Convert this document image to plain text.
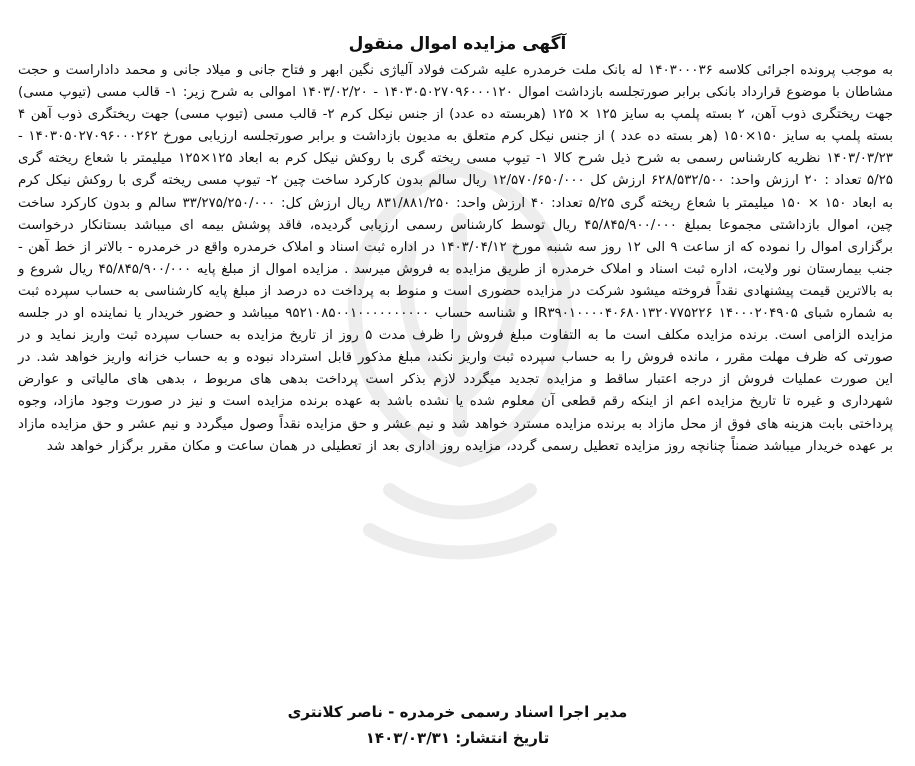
آگهی مزایده اموال منقول
به موجب پرونده اجرائی کلاسه ۱۴۰۳۰۰۰۳۶ له بانک ملت خرمدره علیه شرکت فولاد آلیاژی نگین ابهر و فتاح جانی و میلاد جانی و محمد داداراست و حجت مشاطان با موضوع قرارداد بانکی برابر صورتجلسه بازداشت اموال ۱۴۰۳۰۵۰۲۷۰۹۶۰۰۰۱۲۰ - ۱۴۰۳/۰۲/۲۰ اموالی به شرح زیر: ۱- قالب مسی (تیوپ مسی) جهت ریختگری ذوب آهن، ۲ بسته پلمپ به سایز ۱۲۵ × ۱۲۵ (هربسته ده عدد) از جنس نیکل کرم ۲- قالب مسی (تیوپ مسی) جهت ریختگری ذوب آهن ۴ بسته پلمپ به سایز ۱۵۰×۱۵۰ (هر بسته ده عدد ) از جنس نیکل کرم متعلق به مدیون بازداشت و برابر صورتجلسه ارزیابی مورخ ۱۴۰۳۰۵۰۲۷۰۹۶۰۰۰۲۶۲ - ۱۴۰۳/۰۳/۲۳ نظریه کارشناس رسمی به شرح ذیل شرح کالا ۱- تیوپ مسی ریخته گری با روکش نیکل کرم به ابعاد ۱۲۵×۱۲۵ میلیمتر با شعاع ریخته گری ۵/۲۵ تعداد : ۲۰ ارزش واحد: ۶۲۸/۵۳۲/۵۰۰ ارزش کل ۱۲/۵۷۰/۶۵۰/۰۰۰ ریال سالم بدون کارکرد ساخت چین ۲- تیوپ مسی ریخته گری با روکش نیکل کرم به ابعاد ۱۵۰ × ۱۵۰ میلیمتر با شعاع ریخته گری ۵/۲۵ تعداد: ۴۰ ارزش واحد: ۸۳۱/۸۸۱/۲۵۰ ریال ارزش کل: ۳۳/۲۷۵/۲۵۰/۰۰۰ سالم و بدون کارکرد ساخت چین، اموال بازداشتی مجموعا بمبلغ ۴۵/۸۴۵/۹۰۰/۰۰۰ ریال توسط کارشناس رسمی ارزیابی گردیده، فاقد پوشش بیمه ای میباشد بستانکار درخواست برگزاری اموال را نموده که از ساعت ۹ الی ۱۲ روز سه شنبه مورخ ۱۴۰۳/۰۴/۱۲ در اداره ثبت اسناد و املاک خرمدره واقع در خرمدره - بالاتر از خط آهن - جنب بیمارستان نور ولایت، اداره ثبت اسناد و املاک خرمدره از طریق مزایده به فروش میرسد . مزایده اموال از مبلغ پایه ۴۵/۸۴۵/۹۰۰/۰۰۰ ریال شروع و به بالاترین قیمت پیشنهادی نقداً فروخته میشود شرکت در مزایده حضوری است و منوط به پرداخت ده درصد از مبلغ پایه کارشناسی به حساب سپرده ثبت به شماره شبای ۱۴۰۰۰۲۰۴۹۰۵ IR۳۹۰۱۰۰۰۰۴۰۶۸۰۱۳۲۰۷۷۵۲۲۶ و شناسه حساب ۹۵۲۱۰۸۵۰۰۱۰۰۰۰۰۰۰۰۰۰ میباشد و حضور خریدار یا نماینده او در جلسه مزایده الزامی است. برنده مزایده مکلف است ما به التفاوت مبلغ فروش را ظرف مدت ۵ روز از تاریخ مزایده به حساب سپرده ثبت واریز نماید و در صورتی که ظرف مهلت مقرر ، مانده فروش را به حساب سپرده ثبت واریز نکند، مبلغ مذکور قابل استرداد نبوده و به حساب خزانه واریز خواهد شد. در این صورت عملیات فروش از درجه اعتبار ساقط و مزایده تجدید میگردد لازم بذکر است پرداخت بدهی های مربوط ، بدهی های مالیاتی و عوارض شهرداری و غیره تا تاریخ مزایده اعم از اینکه رقم قطعی آن معلوم شده یا نشده باشد به عهده برنده مزایده است و نیز در صورت وجود مازاد، وجوه پرداختی بابت هزینه های فوق از محل مازاد به برنده مزایده مسترد خواهد شد و نیم عشر و حق مزایده نقداً وصول میگردد و نیم عشر و حق مزایده مازاد بر عهده خریدار میباشد ضمناً چنانچه روز مزایده تعطیل رسمی گردد، مزایده روز اداری بعد از تعطیلی در همان ساعت و مکان مقرر برگزار خواهد شد
مدیر اجرا اسناد رسمی خرمدره - ناصر کلانتری
تاریخ انتشار: ۱۴۰۳/۰۳/۳۱
